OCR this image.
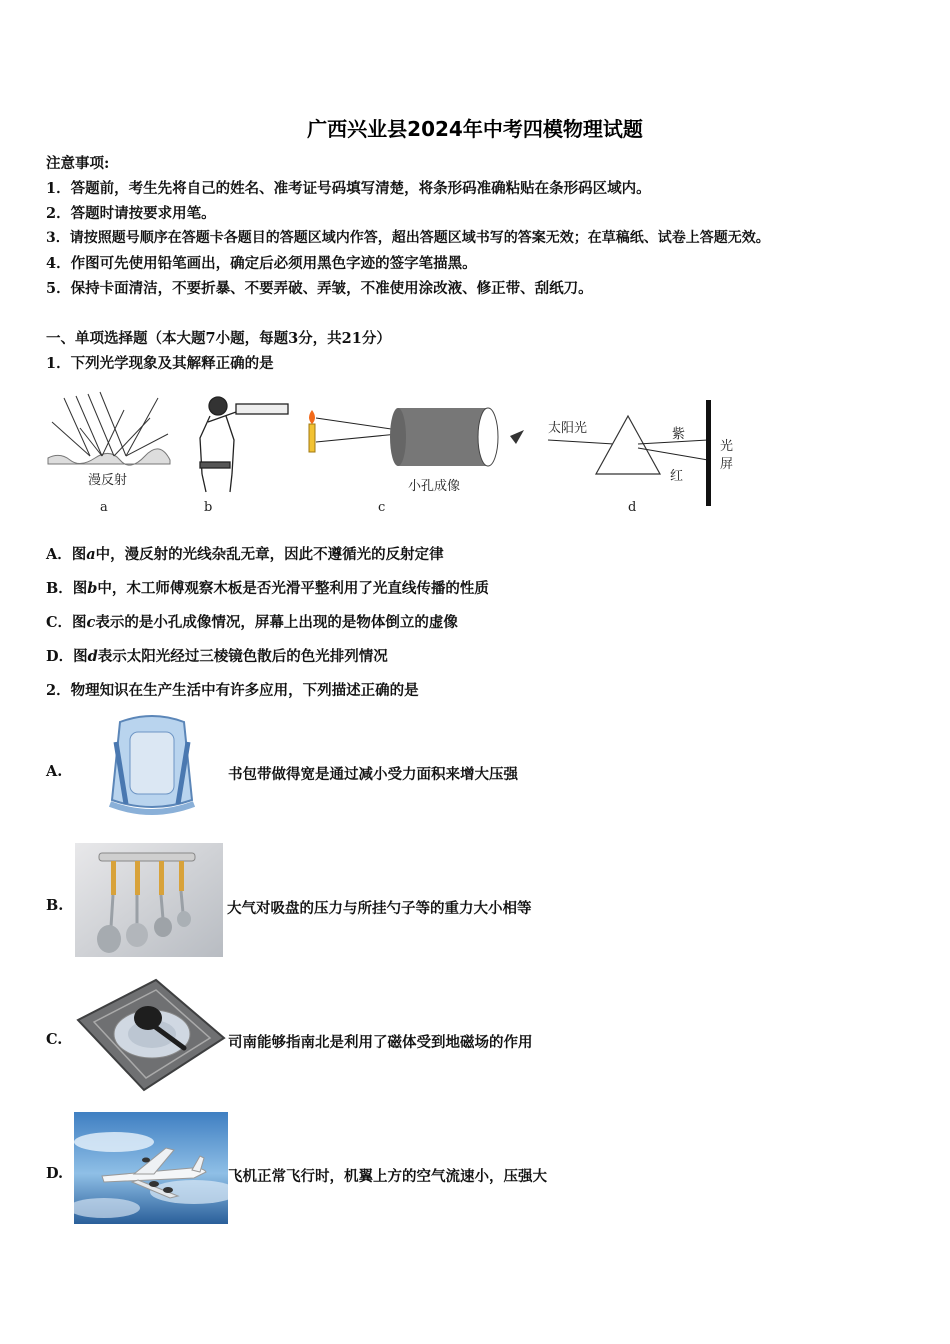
广西兴业县2024年中考四模物理试题
注意事项:
1．答题前，考生先将自己的姓名、准考证号码填写清楚，将条形码准确粘贴在条形码区域内。
2．答题时请按要求用笔。
3．请按照题号顺序在答题卡各题目的答题区域内作答，超出答题区域书写的答案无效；在草稿纸、试卷上答题无效。
4．作图可先使用铅笔画出，确定后必须用黑色字迹的签字笔描黑。
5．保持卡面清洁，不要折暴、不要弄破、弄皱，不准使用涂改液、修正带、刮纸刀。
一、单项选择题（本大题7小题，每题3分，共21分）
1．下列光学现象及其解释正确的是
漫反射	小孔成像
太阳光	紫
红
光
屏
a	b	c	d
A．图a中，漫反射的光线杂乱无章，因此不遵循光的反射定律
B．图b中，木工师傅观察木板是否光滑平整利用了光直线传播的性质
C．图c表示的是小孔成像情况，屏幕上出现的是物体倒立的虚像
D．图d表示太阳光经过三棱镜色散后的色光排列情况
2．物理知识在生产生活中有许多应用，下列描述正确的是
A.	书包带做得宽是通过减小受力面积来增大压强
B.	大气对吸盘的压力与所挂勺子等的重力大小相等
C.	司南能够指南北是利用了磁体受到地磁场的作用
D.	飞机正常飞行时，机翼上方的空气流速小，压强大
